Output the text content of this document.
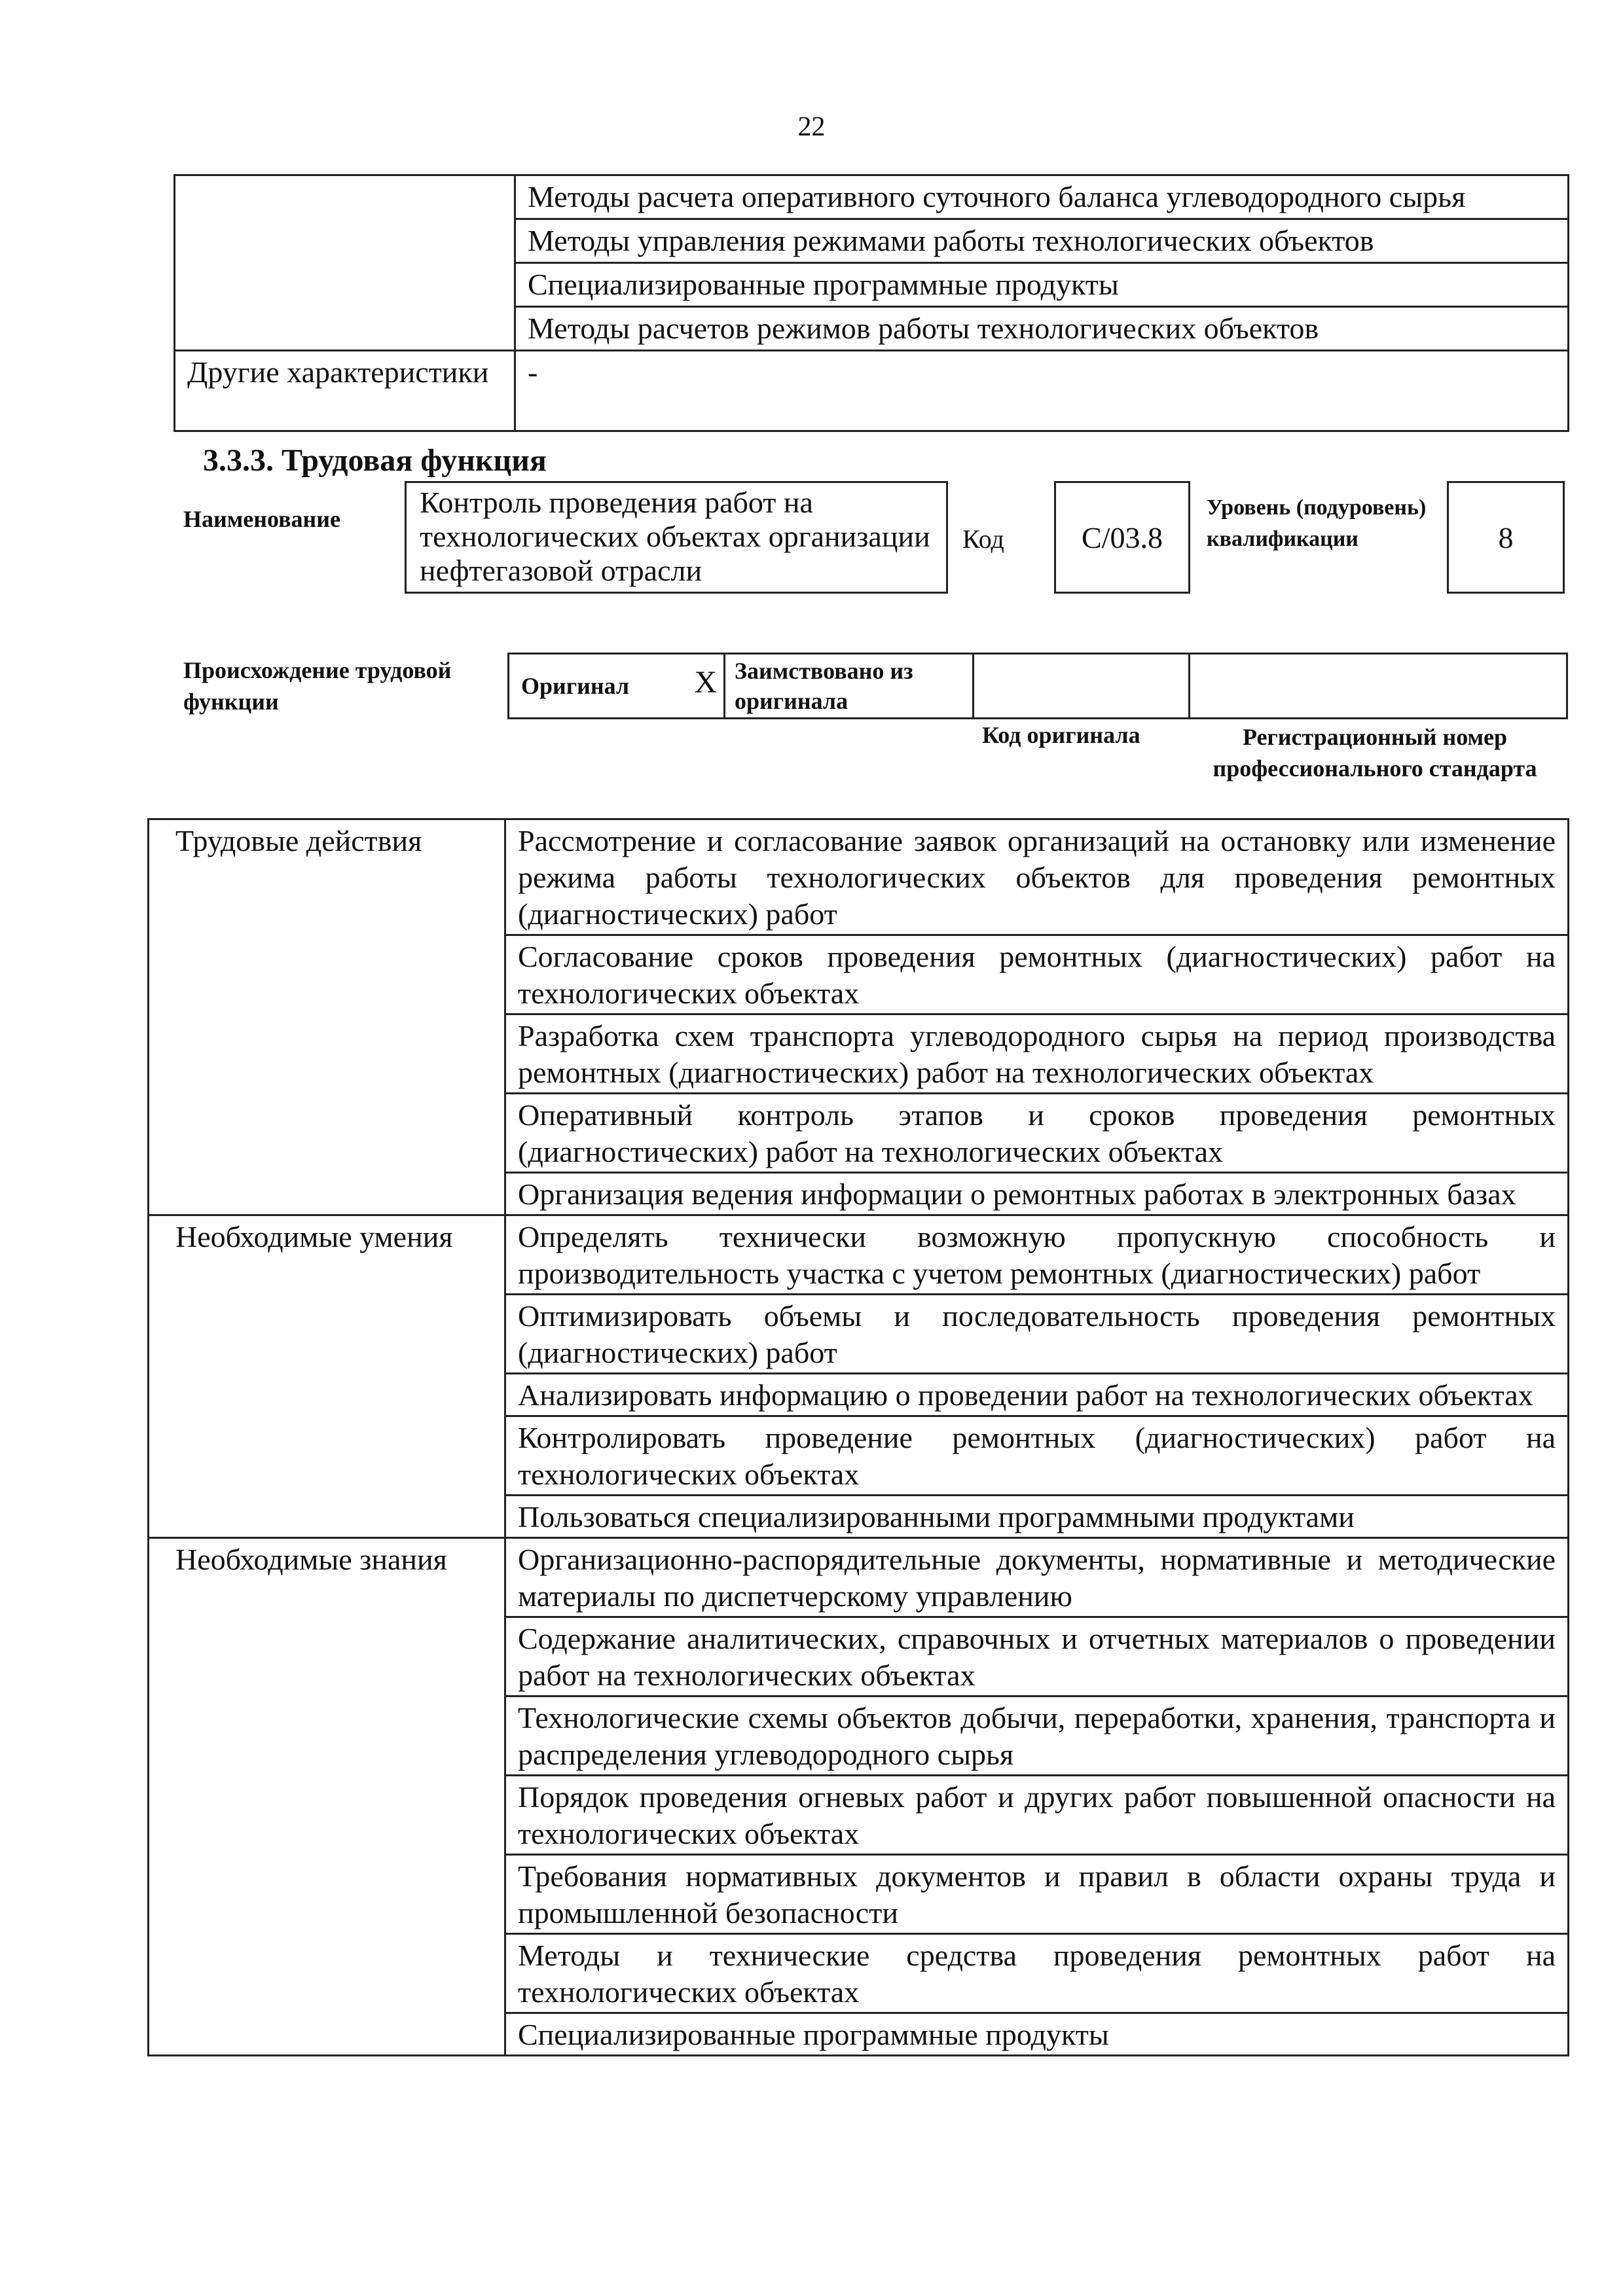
22
	Методы расчета оперативного суточного баланса углеводородного сырья
	Методы управления режимами работы технологических объектов
	Специализированные программные продукты
	Методы расчетов режимов работы технологических объектов
Другие характеристики	-
3.3.3. Трудовая функция
Наименование	Контроль проведения работ на технологических объектах организации нефтегазовой отрасли
Код	С/03.8
Уровень (подуровень) квалификации	8
Происхождение трудовой функции
Оригинал X	Заимствовано из оригинала		
Код оригинала	Регистрационный номер профессионального стандарта
Трудовые действия	Рассмотрение и согласование заявок организаций на остановку или изменение режима работы технологических объектов для проведения ремонтных (диагностических) работ
	Согласование сроков проведения ремонтных (диагностических) работ на технологических объектах
	Разработка схем транспорта углеводородного сырья на период производства ремонтных (диагностических) работ на технологических объектах
	Оперативный контроль этапов и сроков проведения ремонтных (диагностических) работ на технологических объектах
	Организация ведения информации о ремонтных работах в электронных базах
Необходимые умения	Определять технически возможную пропускную способность и производительность участка с учетом ремонтных (диагностических) работ
	Оптимизировать объемы и последовательность проведения ремонтных (диагностических) работ
	Анализировать информацию о проведении работ на технологических объектах
	Контролировать проведение ремонтных (диагностических) работ на технологических объектах
	Пользоваться специализированными программными продуктами
Необходимые знания	Организационно-распорядительные документы, нормативные и методические материалы по диспетчерскому управлению
	Содержание аналитических, справочных и отчетных материалов о проведении работ на технологических объектах
	Технологические схемы объектов добычи, переработки, хранения, транспорта и распределения углеводородного сырья
	Порядок проведения огневых работ и других работ повышенной опасности на технологических объектах
	Требования нормативных документов и правил в области охраны труда и промышленной безопасности
	Методы и технические средства проведения ремонтных работ на технологических объектах
	Специализированные программные продукты
